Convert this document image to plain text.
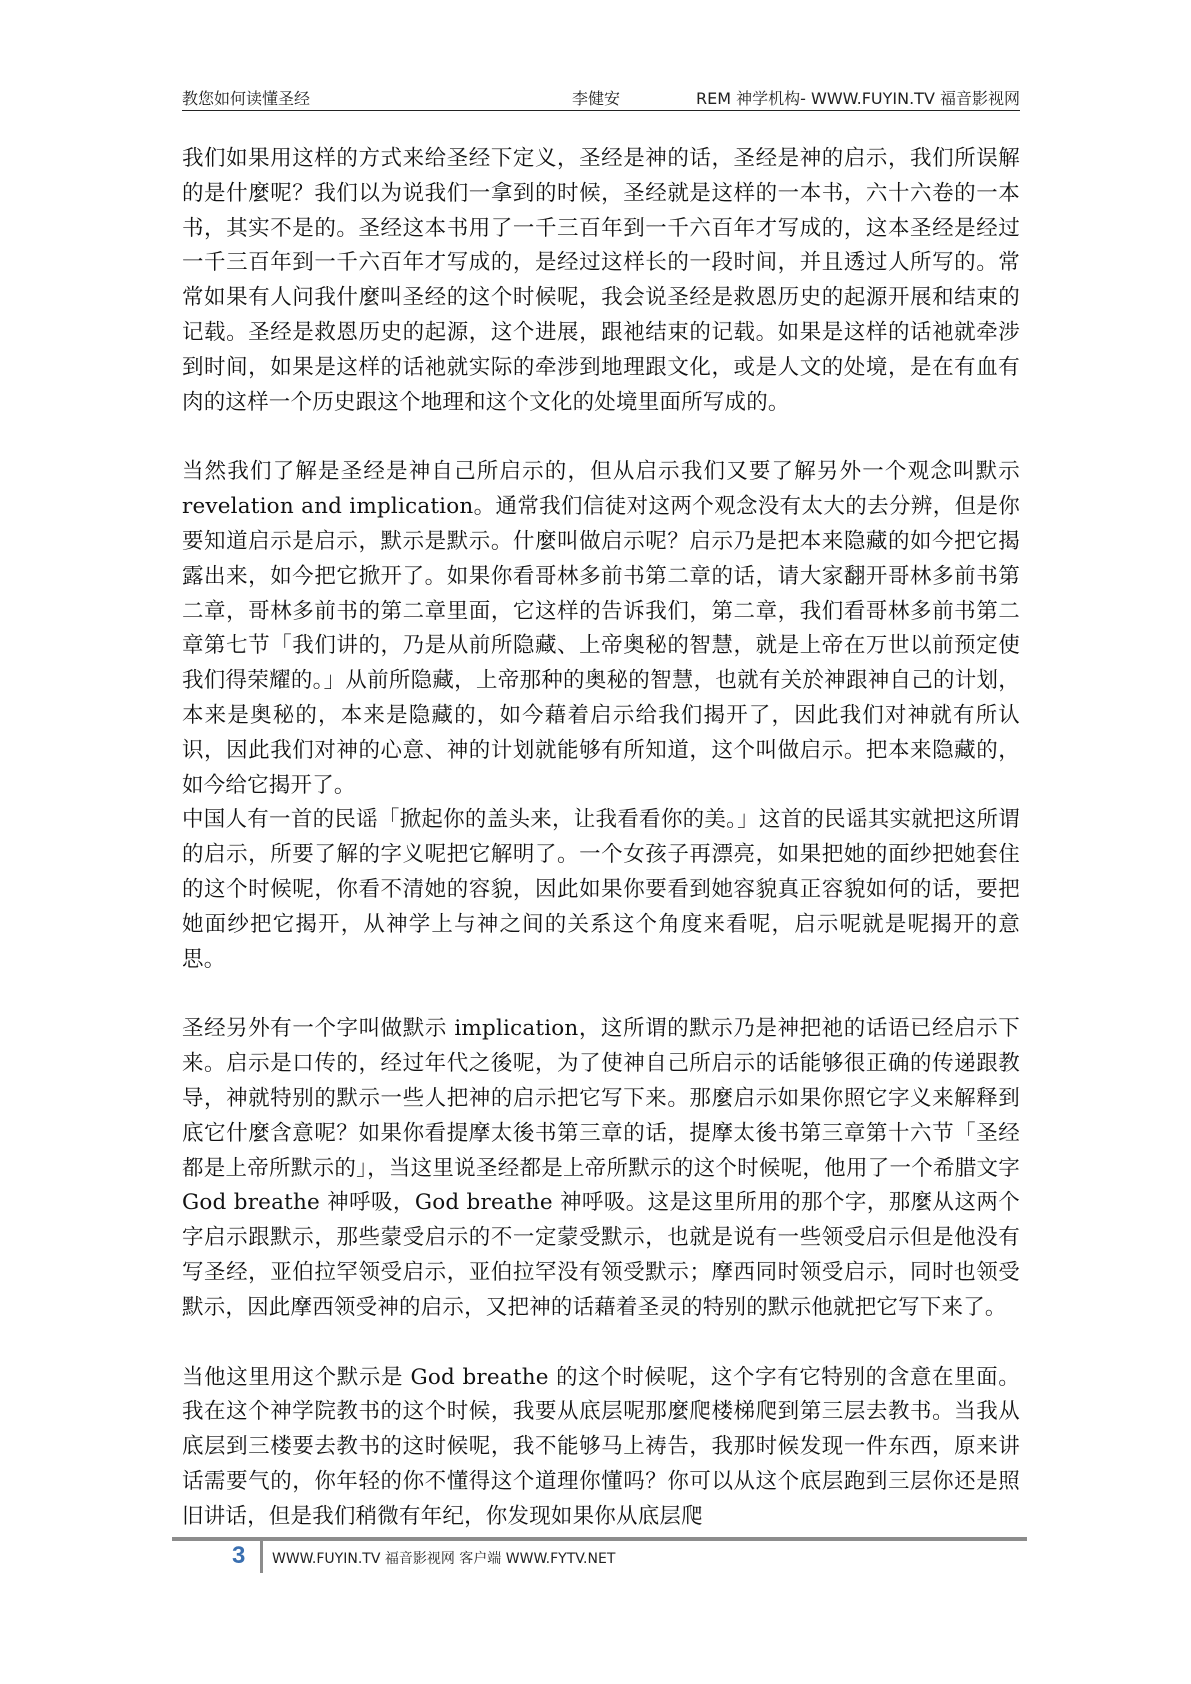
教您如何读懂圣经	李健安	REM 神学机构- WWW.FUYIN.TV 福音影视网

我们如果用这样的方式来给圣经下定义，圣经是神的话，圣经是神的启示，我们所误解的是什麼呢？我们以为说我们一拿到的时候，圣经就是这样的一本书，六十六卷的一本书，其实不是的。圣经这本书用了一千三百年到一千六百年才写成的，这本圣经是经过一千三百年到一千六百年才写成的，是经过这样长的一段时间，并且透过人所写的。常常如果有人问我什麼叫圣经的这个时候呢，我会说圣经是救恩历史的起源开展和结束的记载。圣经是救恩历史的起源，这个进展，跟祂结束的记载。如果是这样的话祂就牵涉到时间，如果是这样的话祂就实际的牵涉到地理跟文化，或是人文的处境，是在有血有肉的这样一个历史跟这个地理和这个文化的处境里面所写成的。

当然我们了解是圣经是神自己所启示的，但从启示我们又要了解另外一个观念叫默示 revelation and implication。通常我们信徒对这两个观念没有太大的去分辨，但是你要知道启示是启示，默示是默示。什麼叫做启示呢？启示乃是把本来隐藏的如今把它揭露出来，如今把它掀开了。如果你看哥林多前书第二章的话，请大家翻开哥林多前书第二章，哥林多前书的第二章里面，它这样的告诉我们，第二章，我们看哥林多前书第二章第七节「我们讲的，乃是从前所隐藏、上帝奥秘的智慧，就是上帝在万世以前预定使我们得荣耀的。」从前所隐藏，上帝那种的奥秘的智慧，也就有关於神跟神自己的计划，本来是奥秘的，本来是隐藏的，如今藉着启示给我们揭开了，因此我们对神就有所认识，因此我们对神的心意、神的计划就能够有所知道，这个叫做启示。把本来隐藏的，如今给它揭开了。

中国人有一首的民谣「掀起你的盖头来，让我看看你的美。」这首的民谣其实就把这所谓的启示，所要了解的字义呢把它解明了。一个女孩子再漂亮，如果把她的面纱把她套住的这个时候呢，你看不清她的容貌，因此如果你要看到她容貌真正容貌如何的话，要把她面纱把它揭开，从神学上与神之间的关系这个角度来看呢，启示呢就是呢揭开的意思。

圣经另外有一个字叫做默示 implication，这所谓的默示乃是神把祂的话语已经启示下来。启示是口传的，经过年代之後呢，为了使神自己所启示的话能够很正确的传递跟教导，神就特别的默示一些人把神的启示把它写下来。那麼启示如果你照它字义来解释到底它什麼含意呢？如果你看提摩太後书第三章的话，提摩太後书第三章第十六节「圣经都是上帝所默示的」，当这里说圣经都是上帝所默示的这个时候呢，他用了一个希腊文字 God breathe 神呼吸，God breathe 神呼吸。这是这里所用的那个字，那麼从这两个字启示跟默示，那些蒙受启示的不一定蒙受默示，也就是说有一些领受启示但是他没有写圣经，亚伯拉罕领受启示，亚伯拉罕没有领受默示；摩西同时领受启示，同时也领受默示，因此摩西领受神的启示，又把神的话藉着圣灵的特别的默示他就把它写下来了。

当他这里用这个默示是 God breathe 的这个时候呢，这个字有它特别的含意在里面。我在这个神学院教书的这个时候，我要从底层呢那麼爬楼梯爬到第三层去教书。当我从底层到三楼要去教书的这时候呢，我不能够马上祷告，我那时候发现一件东西，原来讲话需要气的，你年轻的你不懂得这个道理你懂吗？你可以从这个底层跑到三层你还是照旧讲话，但是我们稍微有年纪，你发现如果你从底层爬

3 WWW.FUYIN.TV 福音影视网 客户端 WWW.FYTV.NET
